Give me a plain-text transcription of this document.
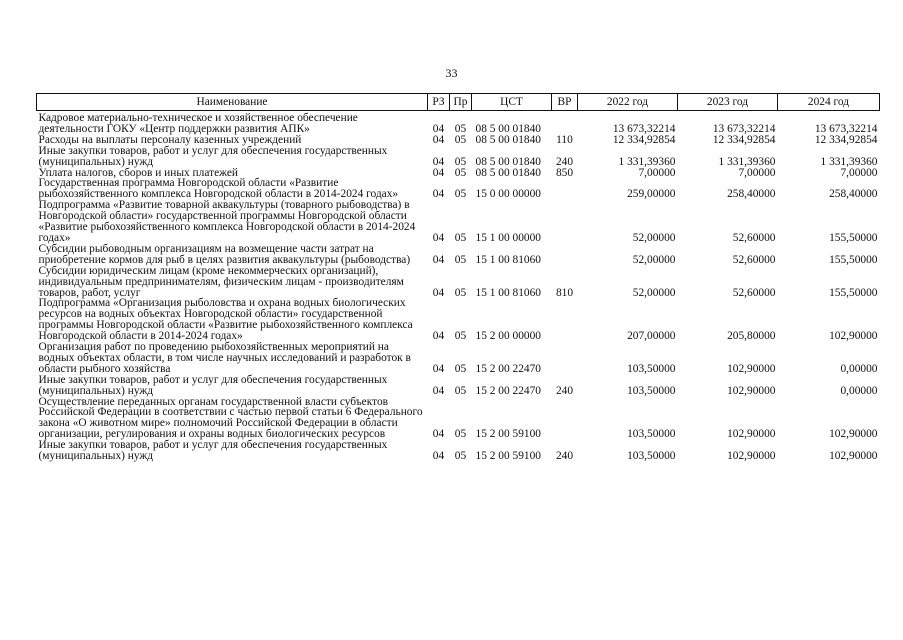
33
Наименование	РЗ	Пр	ЦСТ	ВР	2022 год	2023 год	2024 год
Кадровое материально-техническое и хозяйственное обеспечение деятельности ГОКУ «Центр поддержки развития АПК»	04	05	08 5 00 01840		13 673,32214	13 673,32214	13 673,32214
Расходы на выплаты персоналу казенных учреждений	04	05	08 5 00 01840	110	12 334,92854	12 334,92854	12 334,92854
Иные закупки товаров, работ и услуг для обеспечения государственных (муниципальных) нужд	04	05	08 5 00 01840	240	1 331,39360	1 331,39360	1 331,39360
Уплата налогов, сборов и иных платежей	04	05	08 5 00 01840	850	7,00000	7,00000	7,00000
Государственная программа Новгородской области «Развитие рыбохозяйственного комплекса Новгородской области в 2014-2024 годах»	04	05	15 0 00 00000		259,00000	258,40000	258,40000
Подпрограмма «Развитие товарной аквакультуры (товарного рыбоводства) в Новгородской области» государственной программы Новгородской области «Развитие рыбохозяйственного комплекса Новгородской области в 2014-2024 годах»	04	05	15 1 00 00000		52,00000	52,60000	155,50000
Субсидии рыбоводным организациям на возмещение части затрат на приобретение кормов для рыб в целях развития аквакультуры (рыбоводства)	04	05	15 1 00 81060		52,00000	52,60000	155,50000
Субсидии юридическим лицам (кроме некоммерческих организаций), индивидуальным предпринимателям, физическим лицам - производителям товаров, работ, услуг	04	05	15 1 00 81060	810	52,00000	52,60000	155,50000
Подпрограмма «Организация рыболовства и охрана водных биологических ресурсов на водных объектах Новгородской области» государственной программы Новгородской области «Развитие рыбохозяйственного комплекса Новгородской области в 2014-2024 годах»	04	05	15 2 00 00000		207,00000	205,80000	102,90000
Организация работ по проведению рыбохозяйственных мероприятий на водных объектах области, в том числе научных исследований и разработок в области рыбного хозяйства	04	05	15 2 00 22470		103,50000	102,90000	0,00000
Иные закупки товаров, работ и услуг для обеспечения государственных (муниципальных) нужд	04	05	15 2 00 22470	240	103,50000	102,90000	0,00000
Осуществление переданных органам государственной власти субъектов Российской Федерации в соответствии с частью первой статьи 6 Федерального закона «О животном мире» полномочий Российской Федерации в области организации, регулирования и охраны водных биологических ресурсов	04	05	15 2 00 59100		103,50000	102,90000	102,90000
Иные закупки товаров, работ и услуг для обеспечения государственных (муниципальных) нужд	04	05	15 2 00 59100	240	103,50000	102,90000	102,90000
